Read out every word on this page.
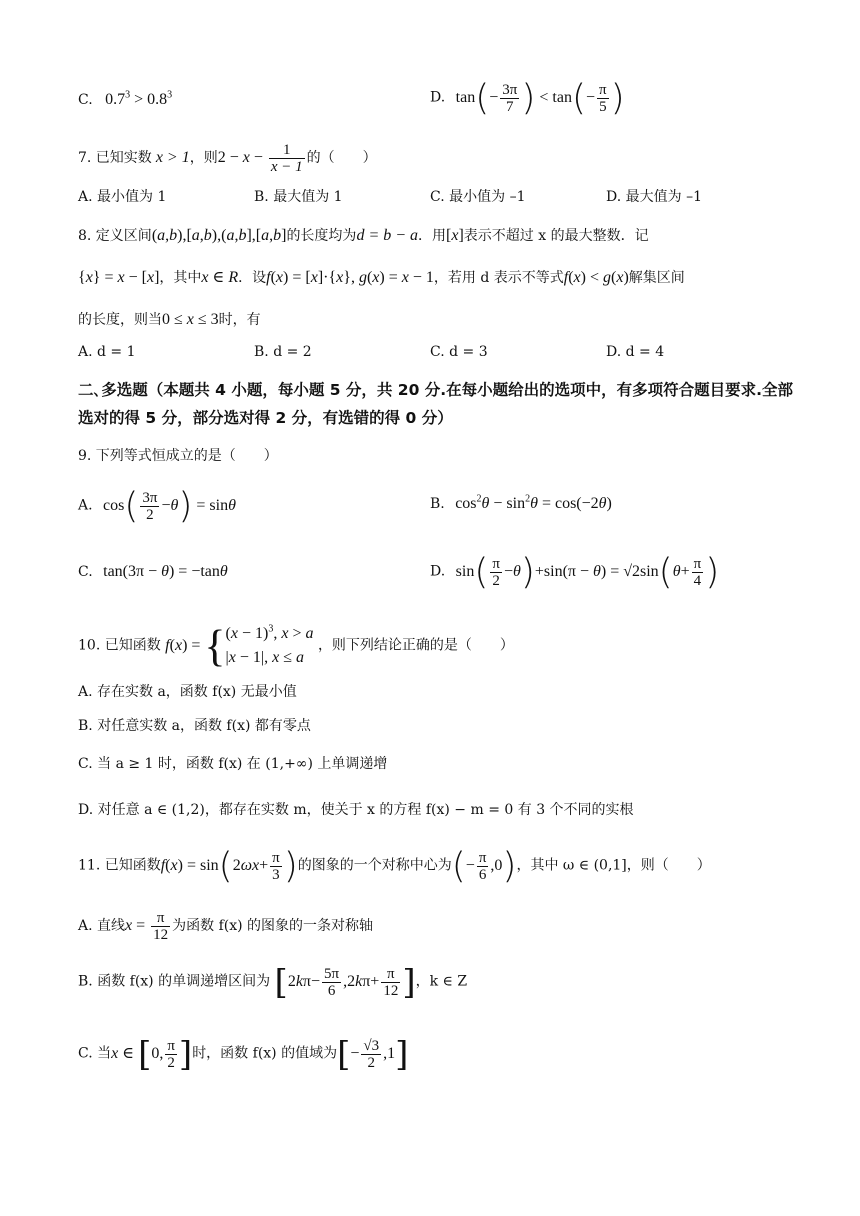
C. $0.7^3 > 0.8^3$	D. $\tan(- \frac{3\pi}{7}$ ) < $\tan(- \frac{\pi}{5}$ )
7. 已知实数 x > 1，则$2 - x - \frac{1}{x - 1}$ 的（　　）
A. 最小值为 1	B. 最大值为 1	C. 最小值为 –1	D. 最大值为 –1
8. 定义区间(a,b),[a,b),(a,b],[a,b]的长度均为d = b − a．用[x]表示不超过 x 的最大整数．记
{x} = x − [x]，其中x ∈ R．设f(x) = [x]·{x}, g(x) = x − 1，若用 d 表示不等式f(x) < g(x)解集区间
的长度，则当0 ≤ x ≤ 3时，有
A. d = 1	B. d = 2	C. d = 3	D. d = 4
二､多选题（本题共 4 小题，每小题 5 分，共 20 分.在每小题给出的选项中，有多项符合题目要求.全部选对的得 5 分，部分选对得 2 分，有选错的得 0 分）
9. 下列等式恒成立的是（　　）
A. $\cos( \frac{3\pi}{2} -\theta) = \sin\theta$	B. $\cos^2\theta - \sin^2\theta = \cos(-2\theta)$
C. tan(3π − θ) = −tanθ	D. $\sin( \frac{\pi}{2} -\theta)+\sin(\pi - \theta) = √2\sin(\theta+ \frac{\pi}{4}$ )
10. 已知函数 f(x) = { $(x - 1)^3$, x > a
|x − 1|, x ≤ a
，则下列结论正确的是（　　）
A. 存在实数 a，函数 f(x) 无最小值
B. 对任意实数 a，函数 f(x) 都有零点
C. 当 a ≥ 1 时，函数 f(x) 在 (1,+∞) 上单调递增
D. 对任意 a ∈ (1,2)，都存在实数 m，使关于 x 的方程 f(x) − m = 0 有 3 个不同的实根
11. 已知函数$f(x) = \sin(2\omega x+ \frac{\pi}{3}$ )的图象的一个对称中心为(− $\frac{\pi}{6} ,0$)，其中 ω ∈ (0,1]，则（　　）
A. 直线$x = \frac{\pi}{12}$ 为函数 f(x) 的图象的一条对称轴
B. 函数 f(x) 的单调递增区间为 [$2k\pi- \frac{5\pi}{6} ,2k\pi+ \frac{\pi}{12}$ ]，k ∈ Z
C. 当x ∈ [0, $\frac{\pi}{2}$ ]时，函数 f(x) 的值域为[− $\frac{√3}{2} ,1$]
